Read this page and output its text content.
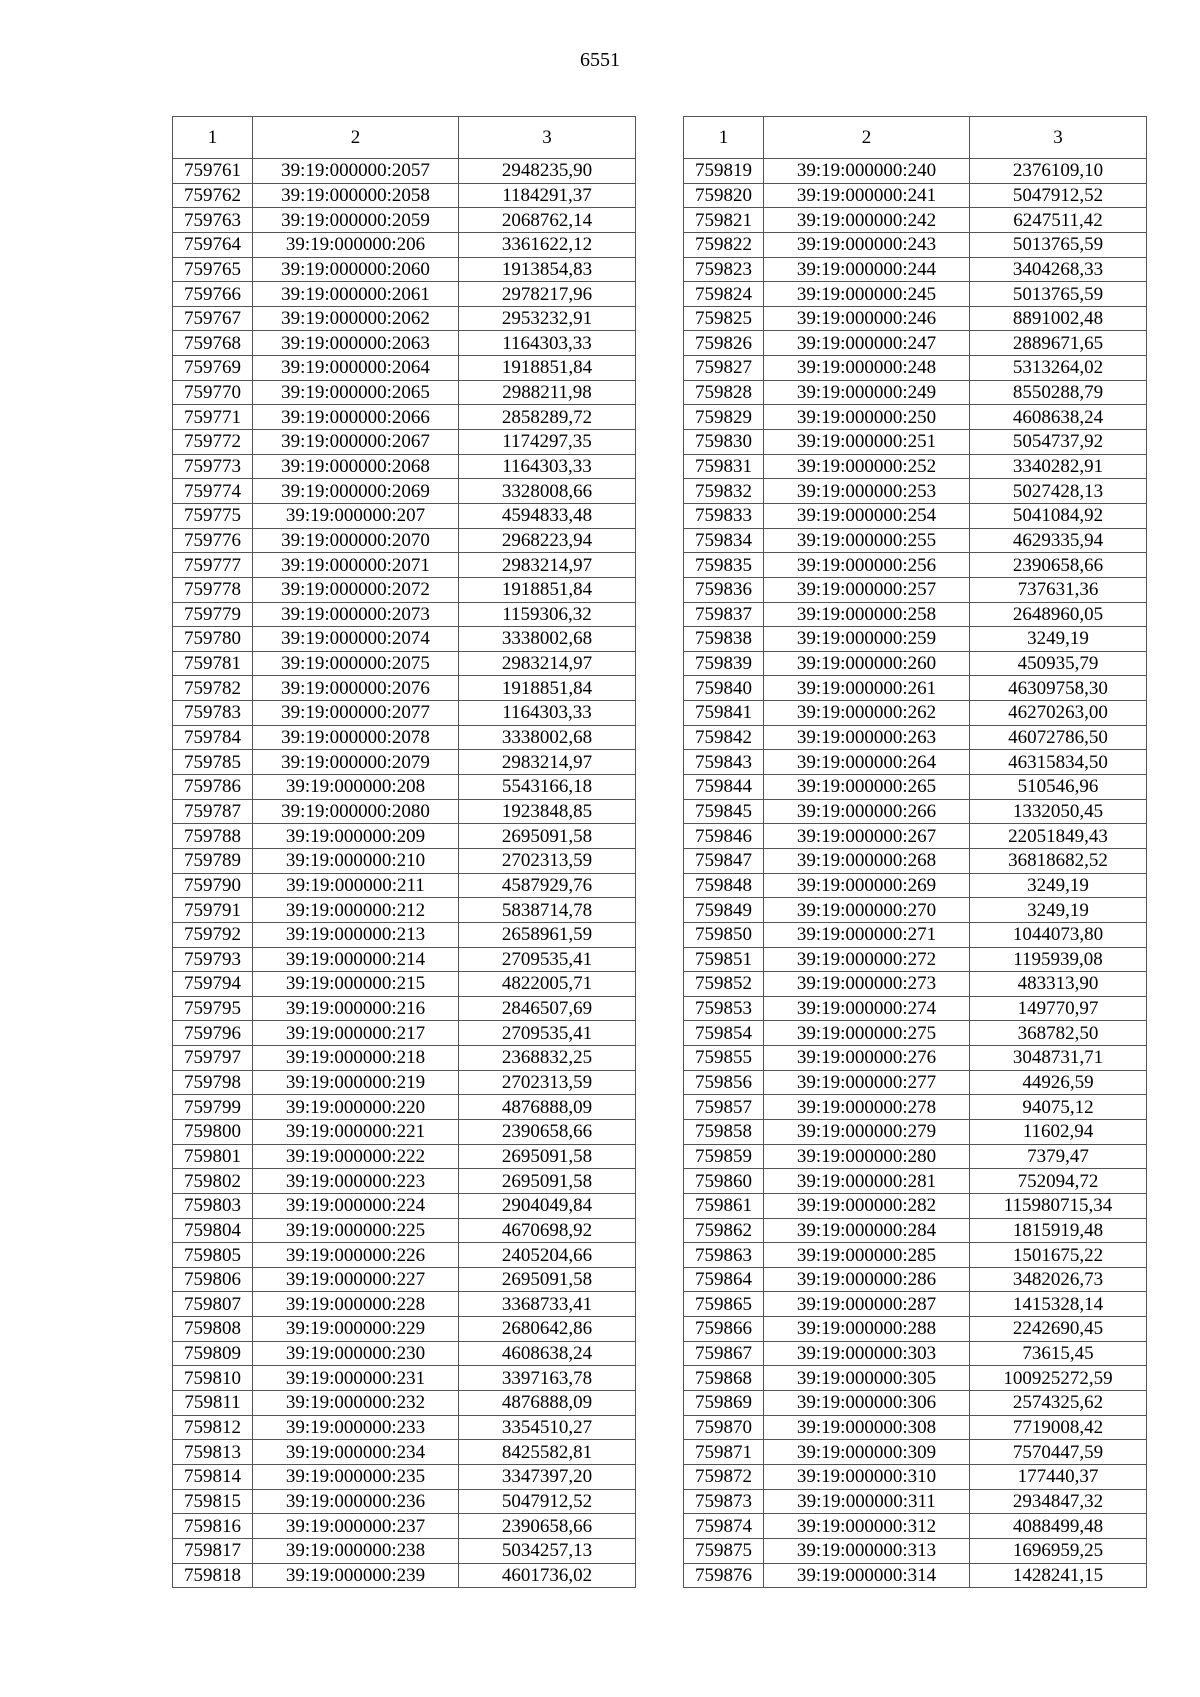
6551
1	2	3
759761	39:19:000000:2057	2948235,90
759762	39:19:000000:2058	1184291,37
759763	39:19:000000:2059	2068762,14
759764	39:19:000000:206	3361622,12
759765	39:19:000000:2060	1913854,83
759766	39:19:000000:2061	2978217,96
759767	39:19:000000:2062	2953232,91
759768	39:19:000000:2063	1164303,33
759769	39:19:000000:2064	1918851,84
759770	39:19:000000:2065	2988211,98
759771	39:19:000000:2066	2858289,72
759772	39:19:000000:2067	1174297,35
759773	39:19:000000:2068	1164303,33
759774	39:19:000000:2069	3328008,66
759775	39:19:000000:207	4594833,48
759776	39:19:000000:2070	2968223,94
759777	39:19:000000:2071	2983214,97
759778	39:19:000000:2072	1918851,84
759779	39:19:000000:2073	1159306,32
759780	39:19:000000:2074	3338002,68
759781	39:19:000000:2075	2983214,97
759782	39:19:000000:2076	1918851,84
759783	39:19:000000:2077	1164303,33
759784	39:19:000000:2078	3338002,68
759785	39:19:000000:2079	2983214,97
759786	39:19:000000:208	5543166,18
759787	39:19:000000:2080	1923848,85
759788	39:19:000000:209	2695091,58
759789	39:19:000000:210	2702313,59
759790	39:19:000000:211	4587929,76
759791	39:19:000000:212	5838714,78
759792	39:19:000000:213	2658961,59
759793	39:19:000000:214	2709535,41
759794	39:19:000000:215	4822005,71
759795	39:19:000000:216	2846507,69
759796	39:19:000000:217	2709535,41
759797	39:19:000000:218	2368832,25
759798	39:19:000000:219	2702313,59
759799	39:19:000000:220	4876888,09
759800	39:19:000000:221	2390658,66
759801	39:19:000000:222	2695091,58
759802	39:19:000000:223	2695091,58
759803	39:19:000000:224	2904049,84
759804	39:19:000000:225	4670698,92
759805	39:19:000000:226	2405204,66
759806	39:19:000000:227	2695091,58
759807	39:19:000000:228	3368733,41
759808	39:19:000000:229	2680642,86
759809	39:19:000000:230	4608638,24
759810	39:19:000000:231	3397163,78
759811	39:19:000000:232	4876888,09
759812	39:19:000000:233	3354510,27
759813	39:19:000000:234	8425582,81
759814	39:19:000000:235	3347397,20
759815	39:19:000000:236	5047912,52
759816	39:19:000000:237	2390658,66
759817	39:19:000000:238	5034257,13
759818	39:19:000000:239	4601736,02
1	2	3
759819	39:19:000000:240	2376109,10
759820	39:19:000000:241	5047912,52
759821	39:19:000000:242	6247511,42
759822	39:19:000000:243	5013765,59
759823	39:19:000000:244	3404268,33
759824	39:19:000000:245	5013765,59
759825	39:19:000000:246	8891002,48
759826	39:19:000000:247	2889671,65
759827	39:19:000000:248	5313264,02
759828	39:19:000000:249	8550288,79
759829	39:19:000000:250	4608638,24
759830	39:19:000000:251	5054737,92
759831	39:19:000000:252	3340282,91
759832	39:19:000000:253	5027428,13
759833	39:19:000000:254	5041084,92
759834	39:19:000000:255	4629335,94
759835	39:19:000000:256	2390658,66
759836	39:19:000000:257	737631,36
759837	39:19:000000:258	2648960,05
759838	39:19:000000:259	3249,19
759839	39:19:000000:260	450935,79
759840	39:19:000000:261	46309758,30
759841	39:19:000000:262	46270263,00
759842	39:19:000000:263	46072786,50
759843	39:19:000000:264	46315834,50
759844	39:19:000000:265	510546,96
759845	39:19:000000:266	1332050,45
759846	39:19:000000:267	22051849,43
759847	39:19:000000:268	36818682,52
759848	39:19:000000:269	3249,19
759849	39:19:000000:270	3249,19
759850	39:19:000000:271	1044073,80
759851	39:19:000000:272	1195939,08
759852	39:19:000000:273	483313,90
759853	39:19:000000:274	149770,97
759854	39:19:000000:275	368782,50
759855	39:19:000000:276	3048731,71
759856	39:19:000000:277	44926,59
759857	39:19:000000:278	94075,12
759858	39:19:000000:279	11602,94
759859	39:19:000000:280	7379,47
759860	39:19:000000:281	752094,72
759861	39:19:000000:282	115980715,34
759862	39:19:000000:284	1815919,48
759863	39:19:000000:285	1501675,22
759864	39:19:000000:286	3482026,73
759865	39:19:000000:287	1415328,14
759866	39:19:000000:288	2242690,45
759867	39:19:000000:303	73615,45
759868	39:19:000000:305	100925272,59
759869	39:19:000000:306	2574325,62
759870	39:19:000000:308	7719008,42
759871	39:19:000000:309	7570447,59
759872	39:19:000000:310	177440,37
759873	39:19:000000:311	2934847,32
759874	39:19:000000:312	4088499,48
759875	39:19:000000:313	1696959,25
759876	39:19:000000:314	1428241,15
